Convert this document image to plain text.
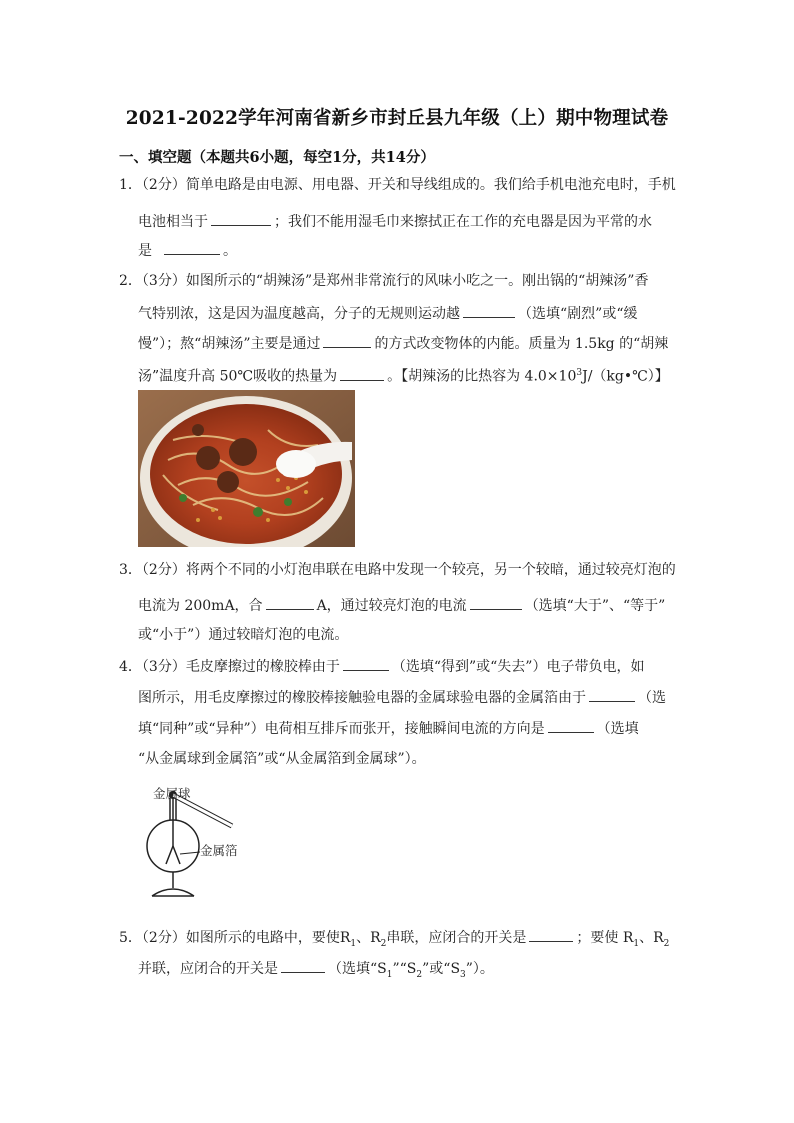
2021-2022学年河南省新乡市封丘县九年级（上）期中物理试卷
一、填空题（本题共6小题，每空1分，共14分）
1．（2分）简单电路是由电源、用电器、开关和导线组成的。我们给手机电池充电时，手机
电池相当于	；我们不能用湿毛巾来擦拭正在工作的充电器是因为平常的水
是	。
2．（3分）如图所示的“胡辣汤”是郑州非常流行的风味小吃之一。刚出锅的“胡辣汤”香
气特别浓，这是因为温度越高，分子的无规则运动越	（选填“剧烈”或“缓
慢”）；熬“胡辣汤”主要是通过	的方式改变物体的内能。质量为 1.5kg 的“胡辣
汤”温度升高 50℃吸收的热量为	。【胡辣汤的比热容为 $4.0\times 10^3J/(kg•℃)$】
3．（2分）将两个不同的小灯泡串联在电路中发现一个较亮，另一个较暗，通过较亮灯泡的
电流为 200mA，合	A，通过较亮灯泡的电流	（选填“大于”、“等于”
或“小于”）通过较暗灯泡的电流。
4．（3分）毛皮摩擦过的橡胶棒由于	（选填“得到”或“失去”）电子带负电，如
图所示，用毛皮摩擦过的橡胶棒接触验电器的金属球验电器的金属箔由于	（选
填“同种”或“异种”）电荷相互排斥而张开，接触瞬间电流的方向是	（选填
“从金属球到金属箔”或“从金属箔到金属球”）。
金属球
金属箔
5．（2分）如图所示的电路中，要使$R_1$、$R_2$串联，应闭合的开关是	；要使 $R_1$、$R_2$
并联，应闭合的开关是	（选填“$S_1”“S_2$”或“$S_3$”）。
